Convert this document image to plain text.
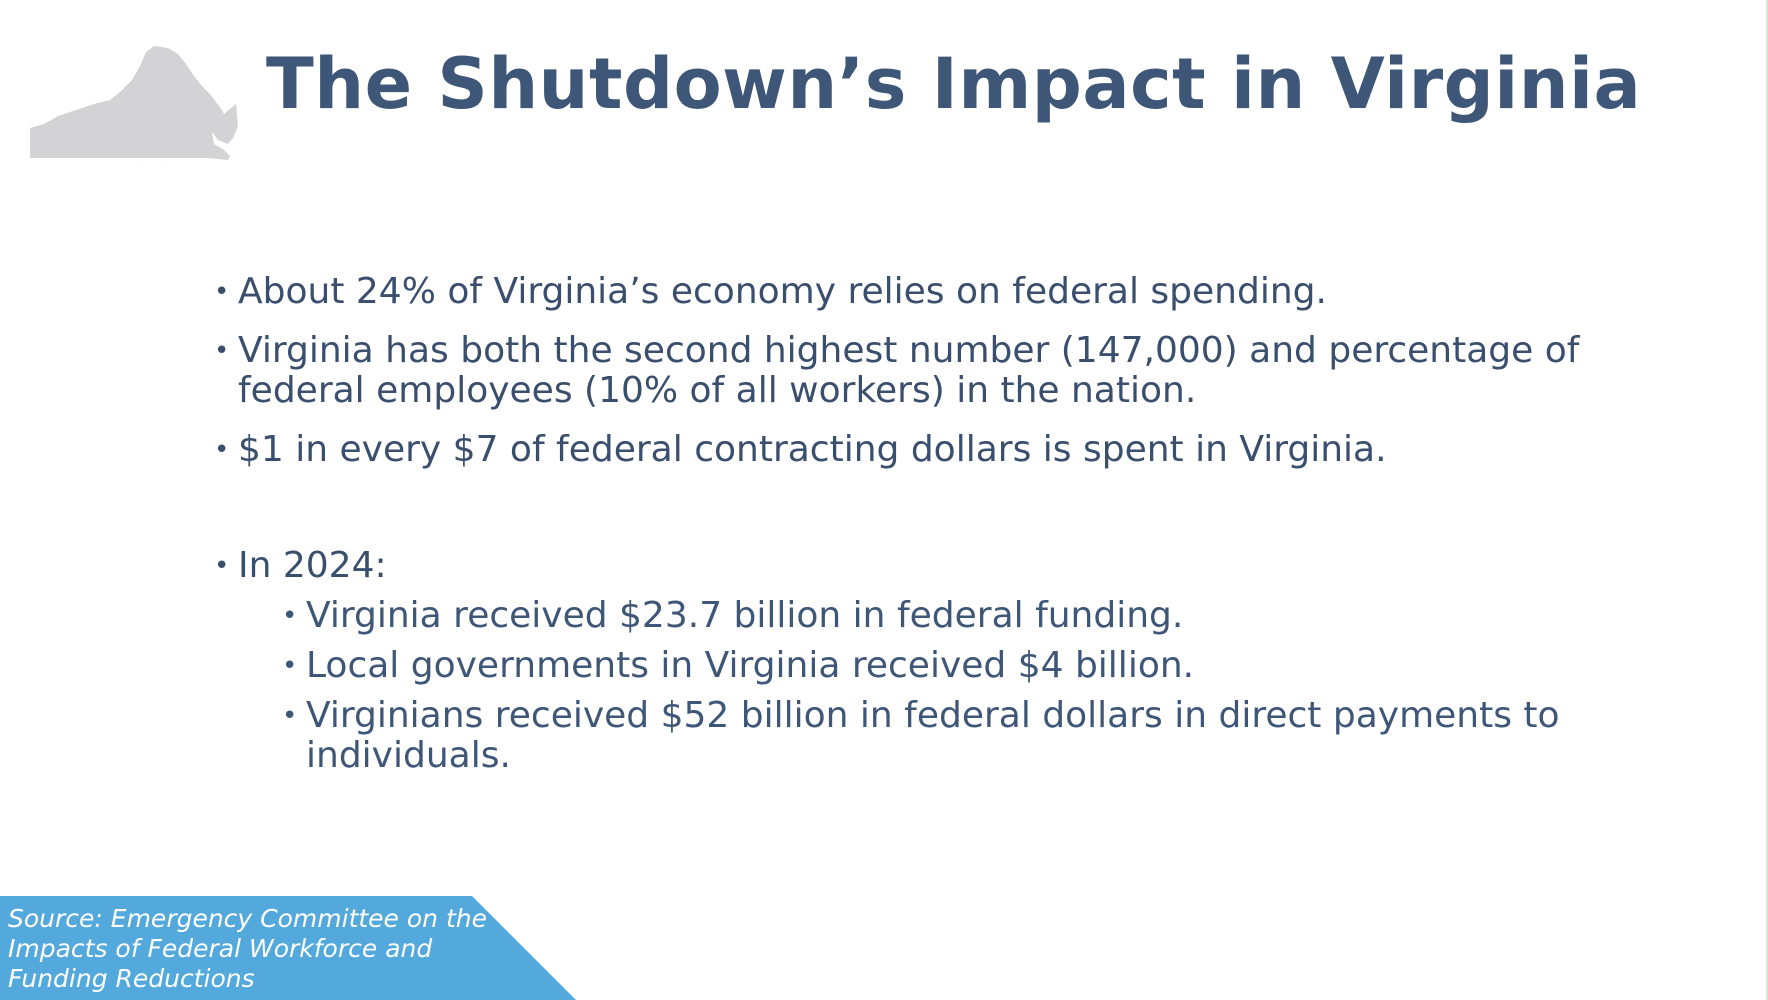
The Shutdown’s Impact in Virginia
• About 24% of Virginia’s economy relies on federal spending.
• Virginia has both the second highest number (147,000) and percentage of
federal employees (10% of all workers) in the nation.
• $1 in every $7 of federal contracting dollars is spent in Virginia.
• In 2024:
• Virginia received $23.7 billion in federal funding.
• Local governments in Virginia received $4 billion.
• Virginians received $52 billion in federal dollars in direct payments to
individuals.
Source: Emergency Committee on the
Impacts of Federal Workforce and
Funding Reductions
